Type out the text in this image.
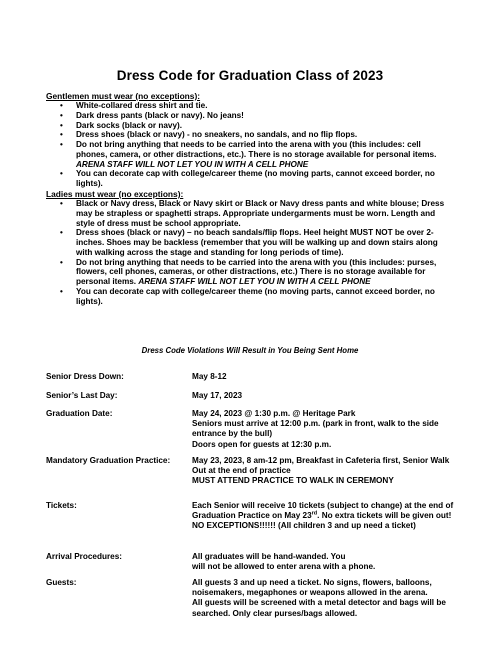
Dress Code for Graduation Class of 2023
Gentlemen must wear (no exceptions):
• White-collared dress shirt and tie.
• Dark dress pants (black or navy). No jeans!
• Dark socks (black or navy).
• Dress shoes (black or navy) - no sneakers, no sandals, and no flip flops.
• Do not bring anything that needs to be carried into the arena with you (this includes: cell phones, camera, or other distractions, etc.). There is no storage available for personal items. ARENA STAFF WILL NOT LET YOU IN WITH A CELL PHONE
• You can decorate cap with college/career theme (no moving parts, cannot exceed border, no lights).
Ladies must wear (no exceptions):
• Black or Navy dress, Black or Navy skirt or Black or Navy dress pants and white blouse; Dress may be strapless or spaghetti straps. Appropriate undergarments must be worn. Length and style of dress must be school appropriate.
• Dress shoes (black or navy) – no beach sandals/flip flops. Heel height MUST NOT be over 2-inches. Shoes may be backless (remember that you will be walking up and down stairs along with walking across the stage and standing for long periods of time).
• Do not bring anything that needs to be carried into the arena with you (this includes: purses, flowers, cell phones, cameras, or other distractions, etc.) There is no storage available for personal items. ARENA STAFF WILL NOT LET YOU IN WITH A CELL PHONE
• You can decorate cap with college/career theme (no moving parts, cannot exceed border, no lights).
Dress Code Violations Will Result in You Being Sent Home
Senior Dress Down:	May 8-12
Senior’s Last Day:	May 17, 2023
Graduation Date:	May 24, 2023 @ 1:30 p.m. @ Heritage Park
Seniors must arrive at 12:00 p.m. (park in front, walk to the side entrance by the bull)
Doors open for guests at 12:30 p.m.
Mandatory Graduation Practice:	May 23, 2023, 8 am-12 pm, Breakfast in Cafeteria first, Senior Walk Out at the end of practice
MUST ATTEND PRACTICE TO WALK IN CEREMONY
Tickets:	Each Senior will receive 10 tickets (subject to change) at the end of Graduation Practice on May 23rd. No extra tickets will be given out! NO EXCEPTIONS!!!!!! (All children 3 and up need a ticket)
Arrival Procedures:	All graduates will be hand-wanded. You
will not be allowed to enter arena with a phone.
Guests:	All guests 3 and up need a ticket. No signs, flowers, balloons, noisemakers, megaphones or weapons allowed in the arena.
All guests will be screened with a metal detector and bags will be searched. Only clear purses/bags allowed.
